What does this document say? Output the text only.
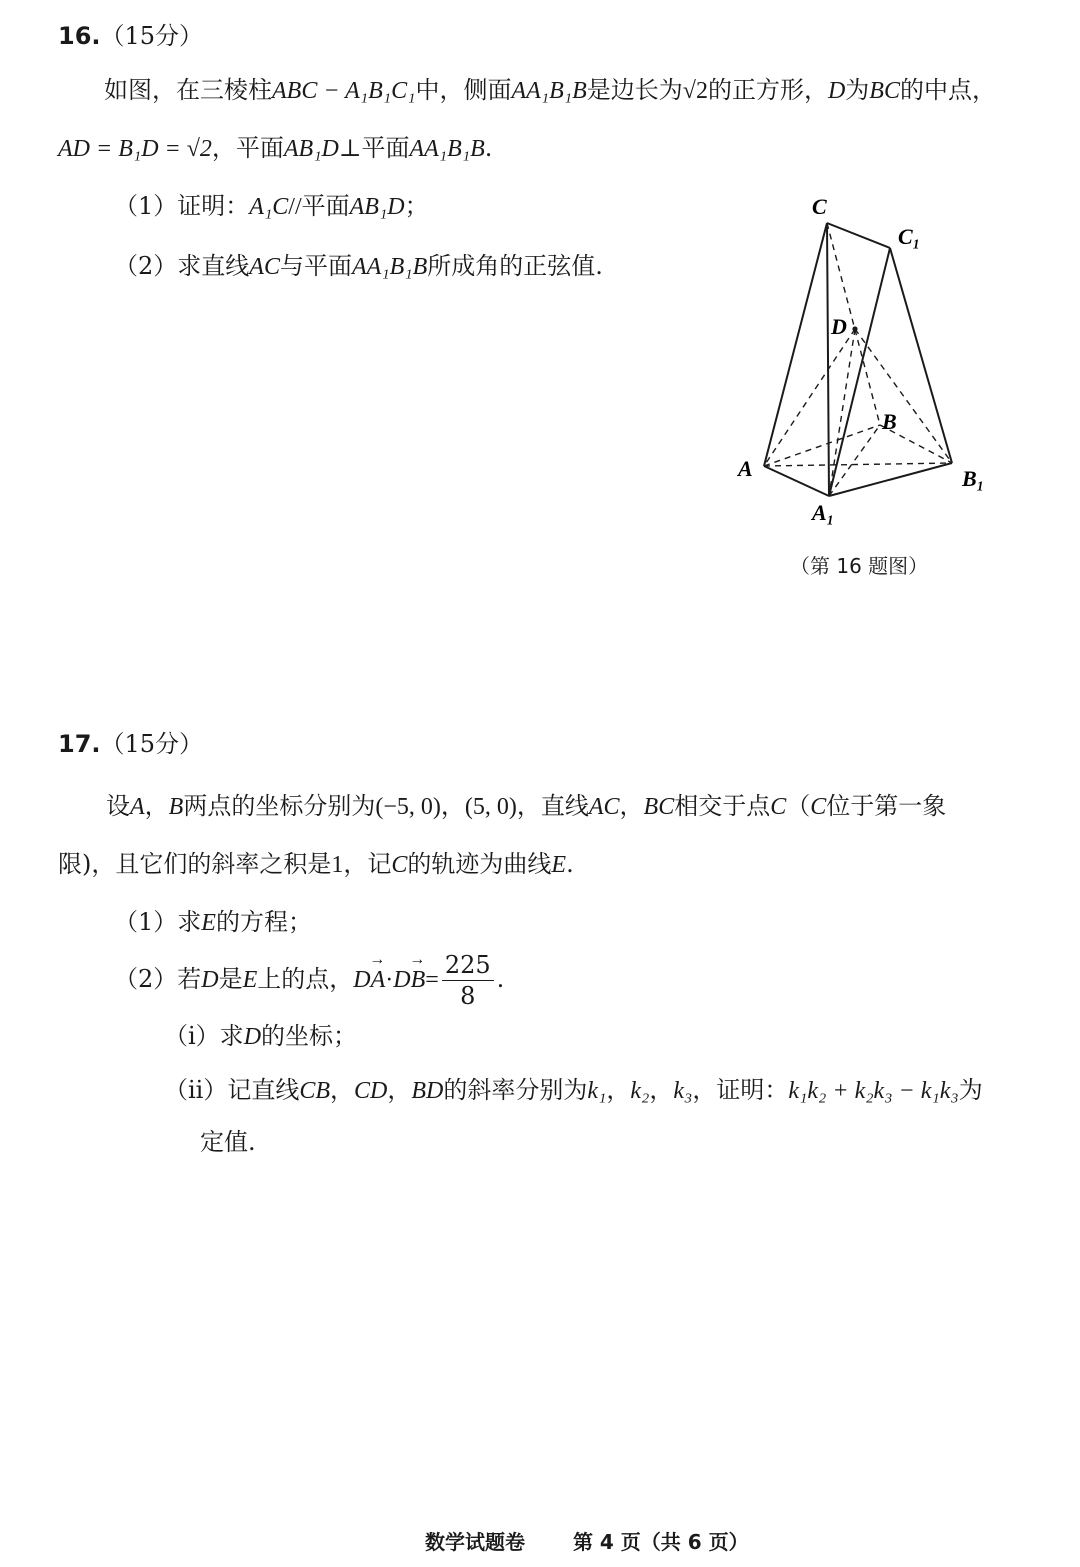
16.（15分）
如图，在三棱柱ABC − A₁B₁C₁中，侧面AA₁B₁B是边长为√2的正方形，D为BC的中点，
AD = B₁D = √2，平面AB₁D⊥平面AA₁B₁B.
（1）证明：A₁C//平面AB₁D；
（2）求直线AC与平面AA₁B₁B所成角的正弦值.
C
C₁
D
B
A	B₁
A₁
（第 16 题图）
17.（15分）
设A，B两点的坐标分别为(−5, 0)，(5, 0)，直线AC，BC相交于点C（C位于第一象
限)，且它们的斜率之积是1，记C的轨迹为曲线E.
（1）求E的方程；
（2）若D是E上的点，DA $\to\cdot DB \to= \frac{225}{8}$ .
（i）求D的坐标；
（ii）记直线CB，CD，BD的斜率分别为k₁，k₂，k₃，证明：k₁k₂ + k₂k₃ − k₁k₃为
定值.
数学试题卷 第 4 页（共 6 页）
